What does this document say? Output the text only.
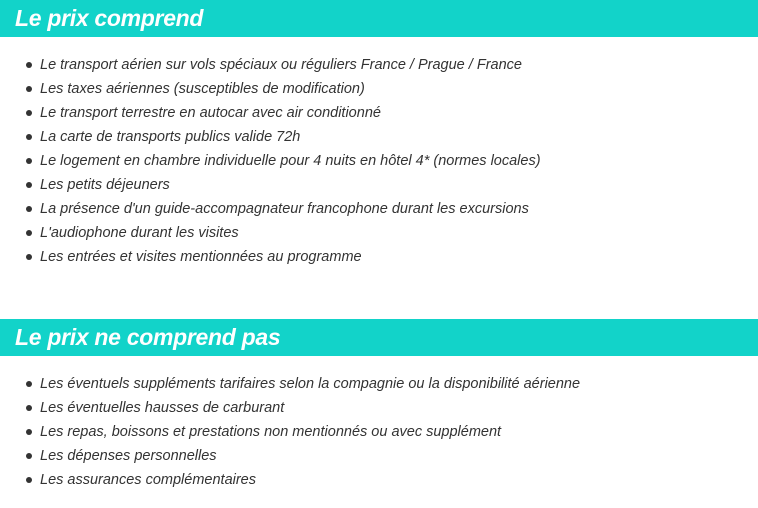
Le prix comprend
Le transport aérien sur vols spéciaux ou réguliers France / Prague / France
Les taxes aériennes (susceptibles de modification)
Le transport terrestre en autocar avec air conditionné
La carte de transports publics valide 72h
Le logement en chambre individuelle pour 4 nuits en hôtel 4* (normes locales)
Les petits déjeuners
La présence d'un guide-accompagnateur francophone durant les excursions
L'audiophone durant les visites
Les entrées et visites mentionnées au programme
Le prix ne comprend pas
Les éventuels suppléments tarifaires selon la compagnie ou la disponibilité aérienne
Les éventuelles hausses de carburant
Les repas, boissons et prestations non mentionnés ou avec supplément
Les dépenses personnelles
Les assurances complémentaires
